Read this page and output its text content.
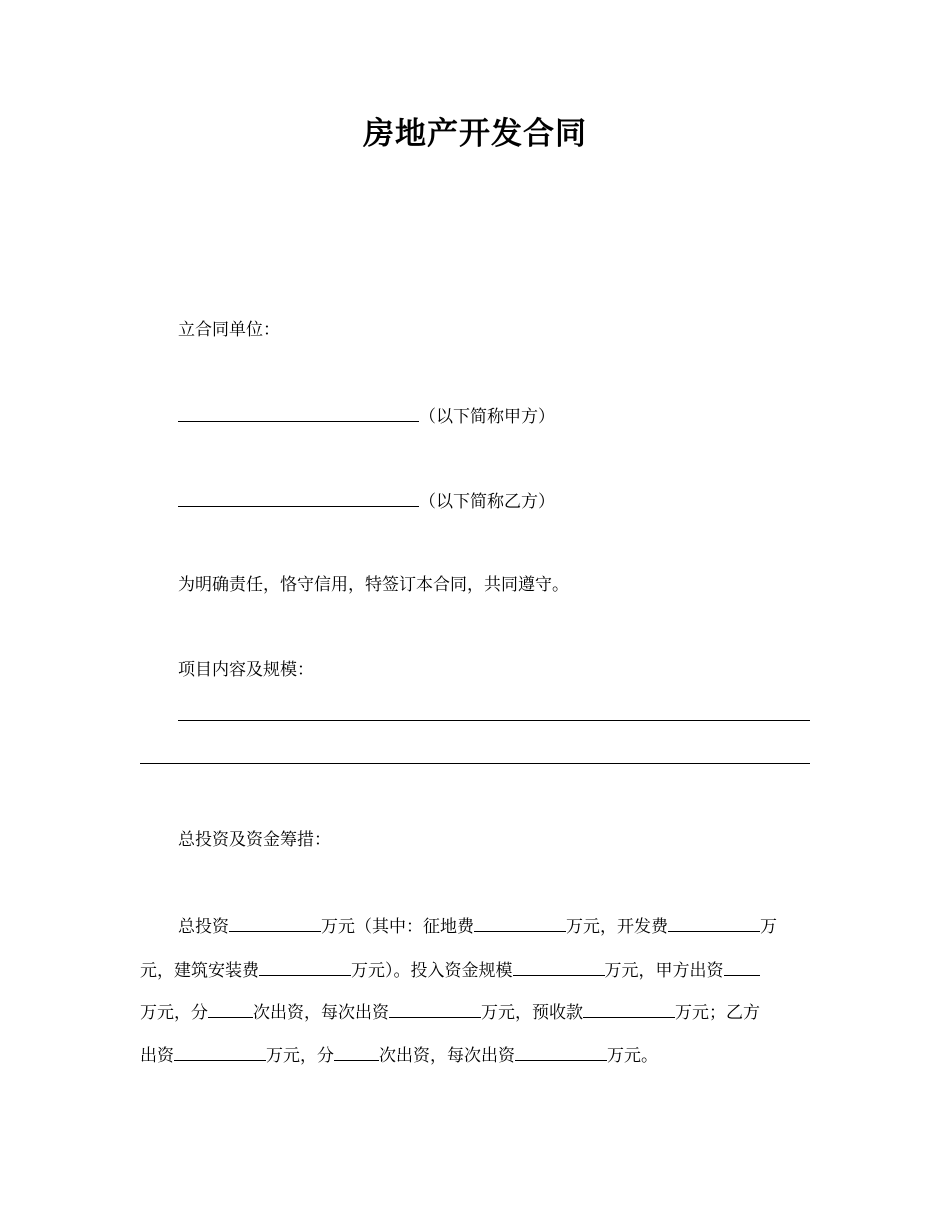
房地产开发合同
立合同单位：
（以下简称甲方）
（以下简称乙方）
为明确责任，恪守信用，特签订本合同，共同遵守。
项目内容及规模：
总投资及资金筹措：
总投资	万元（其中：征地费	万元，开发费	万
元，建筑安装费	万元）。投入资金规模	万元，甲方出资
万元，分	次出资，每次出资	万元，预收款	万元；乙方
出资	万元，分	次出资，每次出资	万元。
